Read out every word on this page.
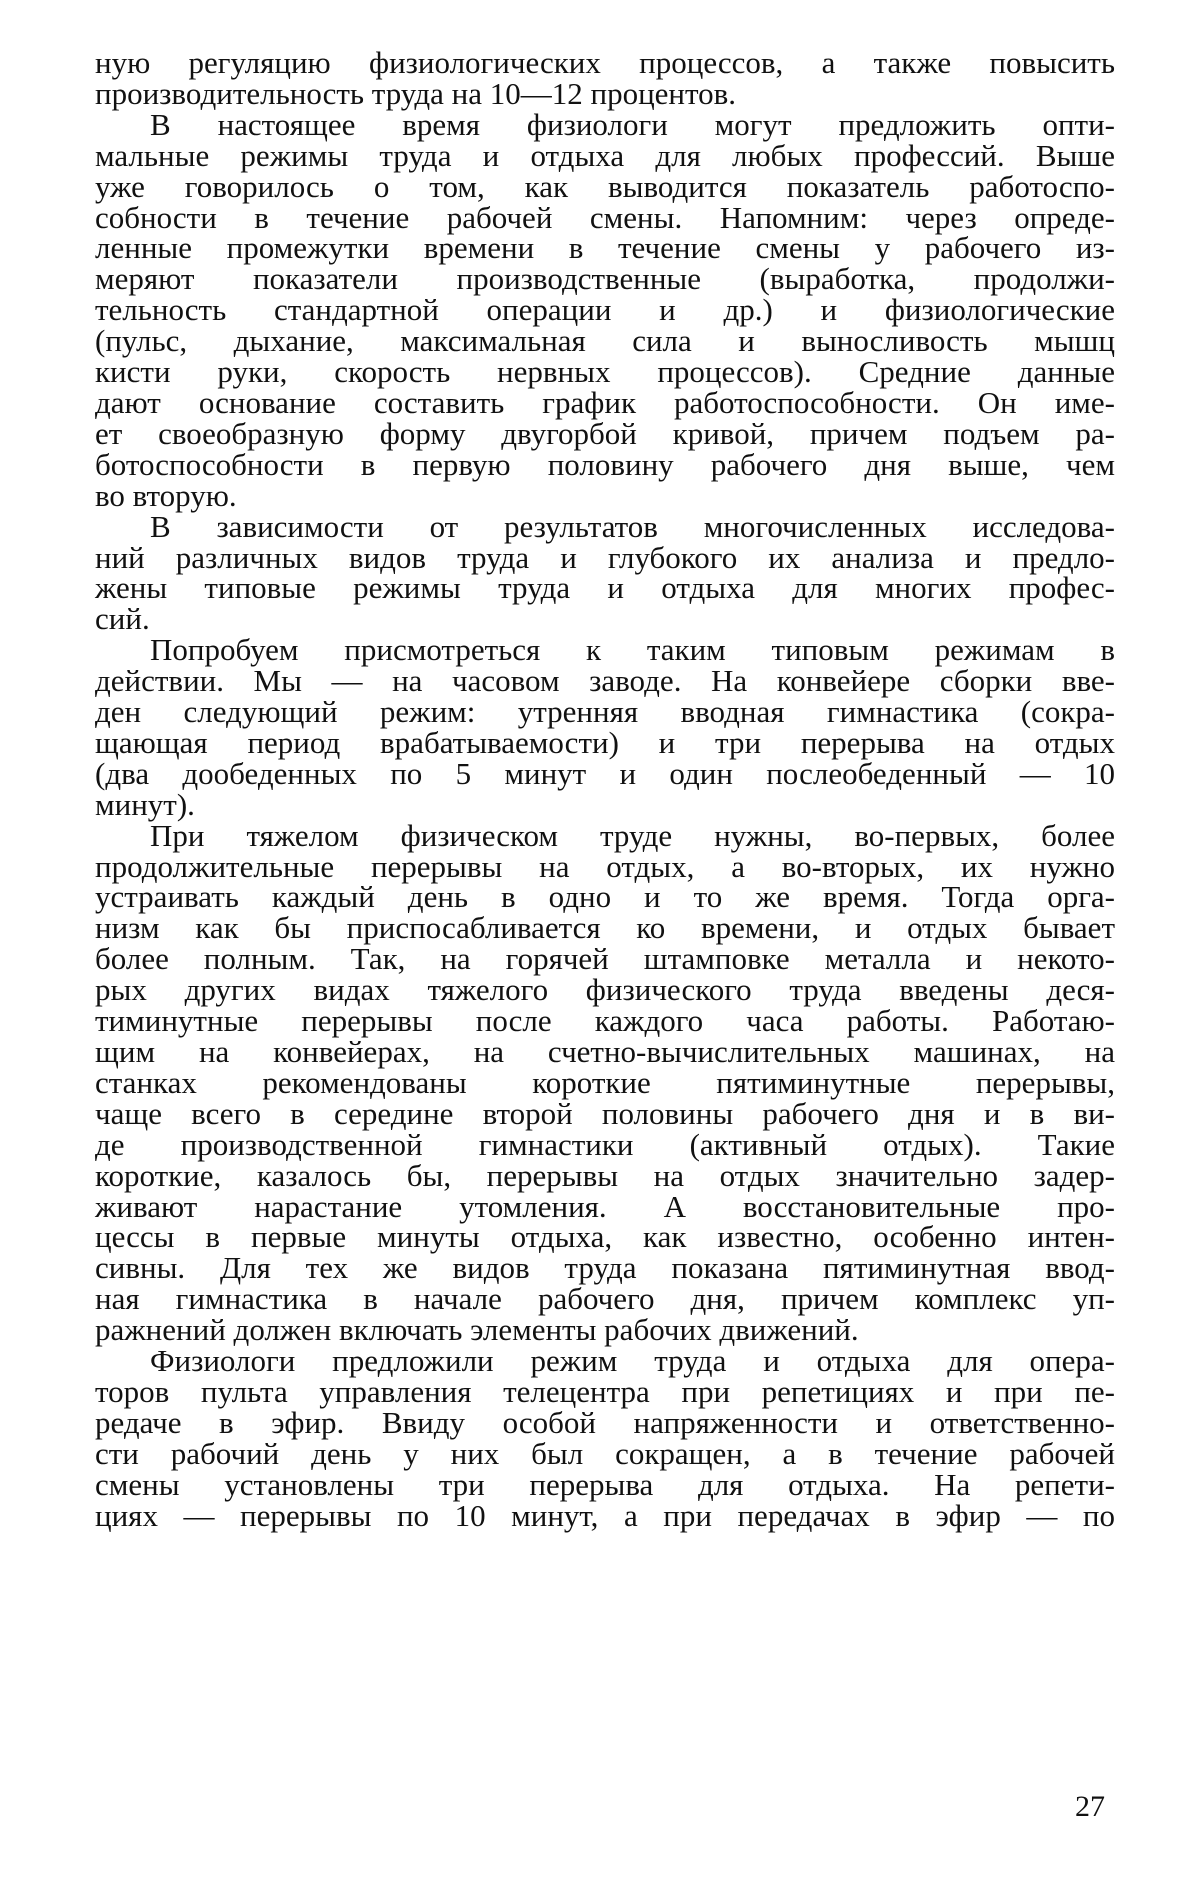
ную регуляцию физиологических процессов, а также повысить
производительность труда на 10—12 процентов.
В настоящее время физиологи могут предложить опти-
мальные режимы труда и отдыха для любых профессий. Выше
уже говорилось о том, как выводится показатель работоспо-
собности в течение рабочей смены. Напомним: через опреде-
ленные промежутки времени в течение смены у рабочего из-
меряют показатели производственные (выработка, продолжи-
тельность стандартной операции и др.) и физиологические
(пульс, дыхание, максимальная сила и выносливость мышц
кисти руки, скорость нервных процессов). Средние данные
дают основание составить график работоспособности. Он име-
ет своеобразную форму двугорбой кривой, причем подъем ра-
ботоспособности в первую половину рабочего дня выше, чем
во вторую.
В зависимости от результатов многочисленных исследова-
ний различных видов труда и глубокого их анализа и предло-
жены типовые режимы труда и отдыха для многих профес-
сий.
Попробуем присмотреться к таким типовым режимам в
действии. Мы — на часовом заводе. На конвейере сборки вве-
ден следующий режим: утренняя вводная гимнастика (сокра-
щающая период врабатываемости) и три перерыва на отдых
(два дообеденных по 5 минут и один послеобеденный — 10
минут).
При тяжелом физическом труде нужны, во-первых, более
продолжительные перерывы на отдых, а во-вторых, их нужно
устраивать каждый день в одно и то же время. Тогда орга-
низм как бы приспосабливается ко времени, и отдых бывает
более полным. Так, на горячей штамповке металла и некото-
рых других видах тяжелого физического труда введены деся-
тиминутные перерывы после каждого часа работы. Работаю-
щим на конвейерах, на счетно-вычислительных машинах, на
станках рекомендованы короткие пятиминутные перерывы,
чаще всего в середине второй половины рабочего дня и в ви-
де производственной гимнастики (активный отдых). Такие
короткие, казалось бы, перерывы на отдых значительно задер-
живают нарастание утомления. А восстановительные про-
цессы в первые минуты отдыха, как известно, особенно интен-
сивны. Для тех же видов труда показана пятиминутная ввод-
ная гимнастика в начале рабочего дня, причем комплекс уп-
ражнений должен включать элементы рабочих движений.
Физиологи предложили режим труда и отдыха для опера-
торов пульта управления телецентра при репетициях и при пе-
редаче в эфир. Ввиду особой напряженности и ответственно-
сти рабочий день у них был сокращен, а в течение рабочей
смены установлены три перерыва для отдыха. На репети-
циях — перерывы по 10 минут, а при передачах в эфир — по
27
